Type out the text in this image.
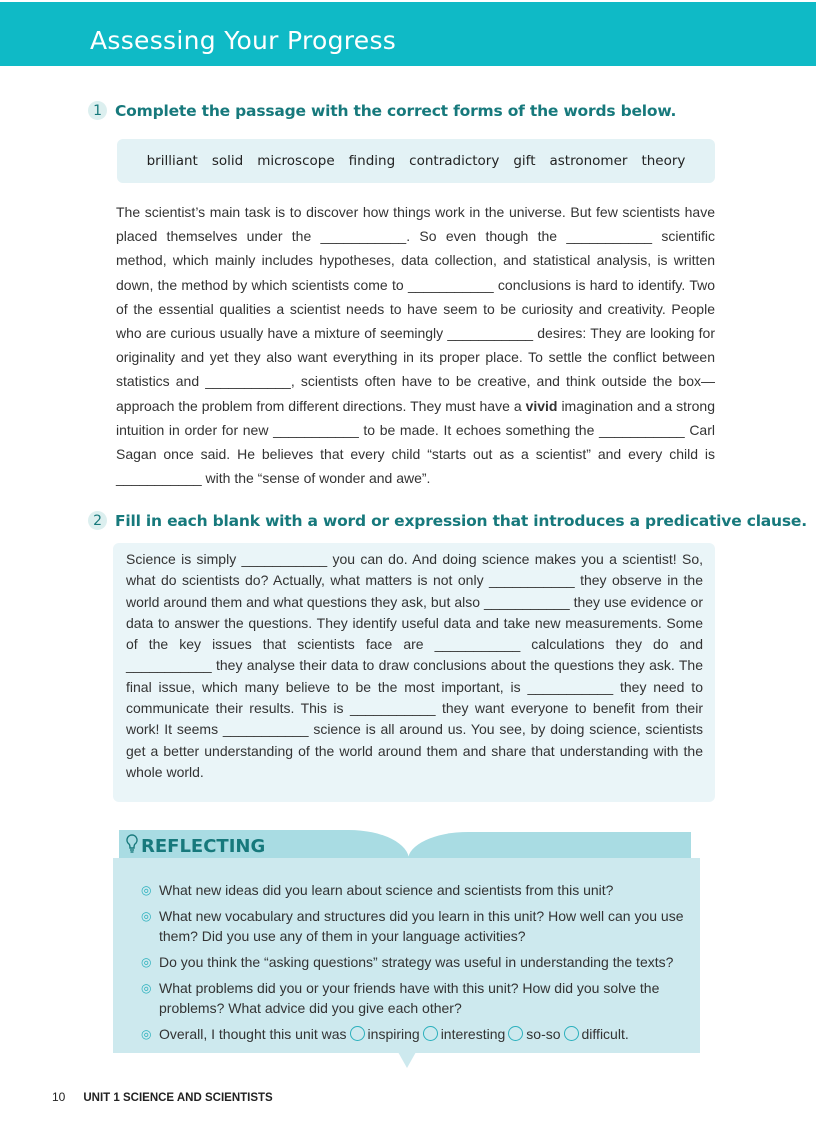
Assessing Your Progress
1 Complete the passage with the correct forms of the words below.
brilliant solid microscope finding contradictory gift astronomer theory

The scientist’s main task is to discover how things work in the universe. But few scientists have placed themselves under the ___________. So even though the ___________ scientific method, which mainly includes hypotheses, data collection, and statistical analysis, is written down, the method by which scientists come to ___________ conclusions is hard to identify. Two of the essential qualities a scientist needs to have seem to be curiosity and creativity. People who are curious usually have a mixture of seemingly ___________ desires: They are looking for originality and yet they also want everything in its proper place. To settle the conflict between statistics and ___________, scientists often have to be creative, and think outside the box—approach the problem from different directions. They must have a vivid imagination and a strong intuition in order for new ___________ to be made. It echoes something the ___________ Carl Sagan once said. He believes that every child “starts out as a scientist” and every child is ___________ with the “sense of wonder and awe”.

2 Fill in each blank with a word or expression that introduces a predicative clause.

Science is simply ___________ you can do. And doing science makes you a scientist! So, what do scientists do? Actually, what matters is not only ___________ they observe in the world around them and what questions they ask, but also ___________ they use evidence or data to answer the questions. They identify useful data and take new measurements. Some of the key issues that scientists face are ___________ calculations they do and ___________ they analyse their data to draw conclusions about the questions they ask. The final issue, which many believe to be the most important, is ___________ they need to communicate their results. This is ___________ they want everyone to benefit from their work! It seems ___________ science is all around us. You see, by doing science, scientists get a better understanding of the world around them and share that understanding with the whole world.

REFLECTING
◎ What new ideas did you learn about science and scientists from this unit?
◎ What new vocabulary and structures did you learn in this unit? How well can you use them? Did you use any of them in your language activities?
◎ Do you think the “asking questions” strategy was useful in understanding the texts?
◎ What problems did you or your friends have with this unit? How did you solve the problems? What advice did you give each other?
◎ Overall, I thought this unit was inspiring interesting so-so difficult.
10 UNIT 1 SCIENCE AND SCIENTISTS
